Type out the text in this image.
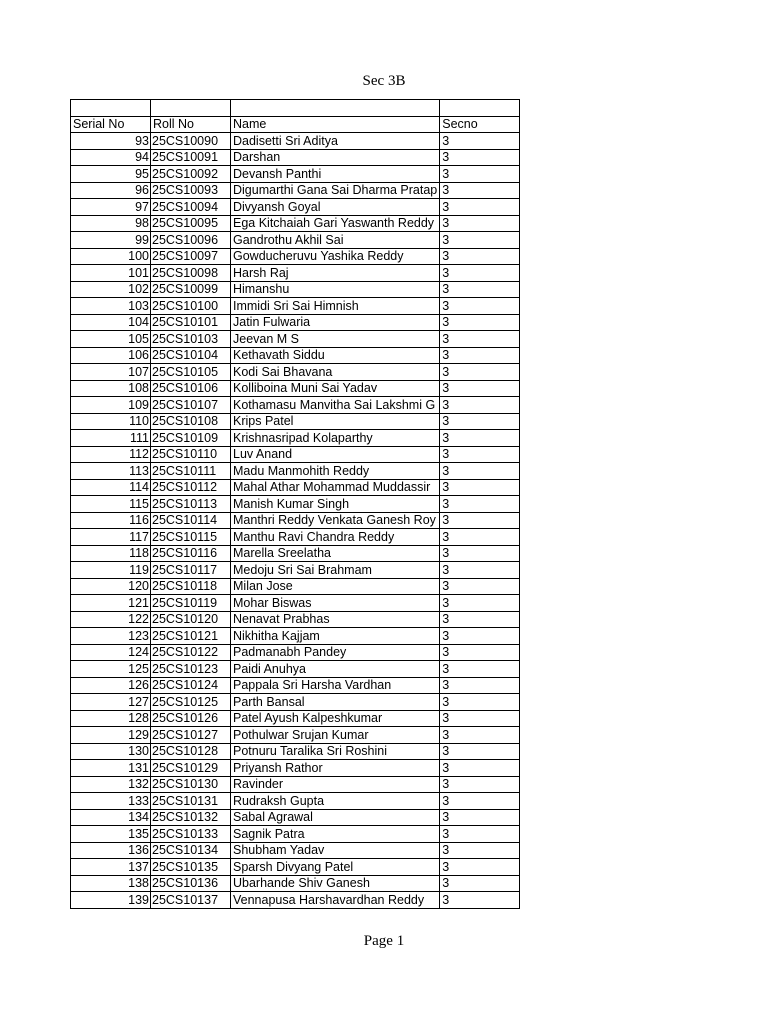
Sec 3B

Serial No	Roll No	Name	Secno
93	25CS10090	Dadisetti Sri Aditya	3
94	25CS10091	Darshan	3
95	25CS10092	Devansh Panthi	3
96	25CS10093	Digumarthi Gana Sai Dharma Pratap	3
97	25CS10094	Divyansh Goyal	3
98	25CS10095	Ega Kitchaiah Gari Yaswanth Reddy	3
99	25CS10096	Gandrothu Akhil Sai	3
100	25CS10097	Gowducheruvu Yashika Reddy	3
101	25CS10098	Harsh Raj	3
102	25CS10099	Himanshu	3
103	25CS10100	Immidi Sri Sai Himnish	3
104	25CS10101	Jatin Fulwaria	3
105	25CS10103	Jeevan M S	3
106	25CS10104	Kethavath Siddu	3
107	25CS10105	Kodi Sai Bhavana	3
108	25CS10106	Kolliboina Muni Sai Yadav	3
109	25CS10107	Kothamasu Manvitha Sai Lakshmi G	3
110	25CS10108	Krips Patel	3
111	25CS10109	Krishnasripad Kolaparthy	3
112	25CS10110	Luv Anand	3
113	25CS10111	Madu Manmohith Reddy	3
114	25CS10112	Mahal Athar Mohammad Muddassir	3
115	25CS10113	Manish Kumar Singh	3
116	25CS10114	Manthri Reddy Venkata Ganesh Roy	3
117	25CS10115	Manthu Ravi Chandra Reddy	3
118	25CS10116	Marella Sreelatha	3
119	25CS10117	Medoju Sri Sai Brahmam	3
120	25CS10118	Milan Jose	3
121	25CS10119	Mohar Biswas	3
122	25CS10120	Nenavat Prabhas	3
123	25CS10121	Nikhitha Kajjam	3
124	25CS10122	Padmanabh Pandey	3
125	25CS10123	Paidi Anuhya	3
126	25CS10124	Pappala Sri Harsha Vardhan	3
127	25CS10125	Parth Bansal	3
128	25CS10126	Patel Ayush Kalpeshkumar	3
129	25CS10127	Pothulwar Srujan Kumar	3
130	25CS10128	Potnuru Taralika Sri Roshini	3
131	25CS10129	Priyansh Rathor	3
132	25CS10130	Ravinder	3
133	25CS10131	Rudraksh Gupta	3
134	25CS10132	Sabal Agrawal	3
135	25CS10133	Sagnik Patra	3
136	25CS10134	Shubham Yadav	3
137	25CS10135	Sparsh Divyang Patel	3
138	25CS10136	Ubarhande Shiv Ganesh	3
139	25CS10137	Vennapusa Harshavardhan Reddy	3
Page 1
